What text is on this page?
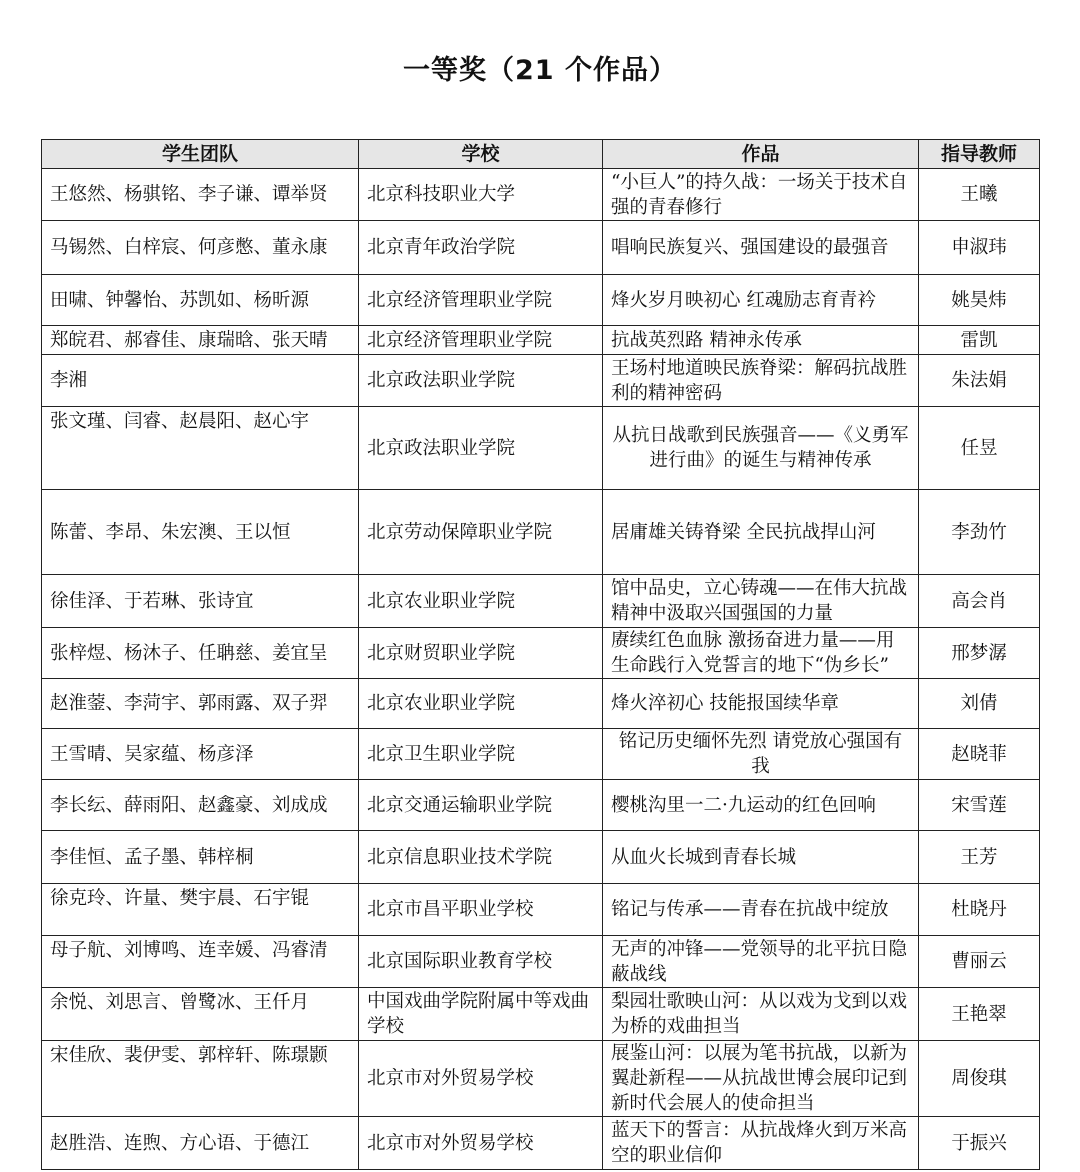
一等奖（21 个作品）
学生团队	学校	作品	指导教师
王悠然、杨骐铭、李子谦、谭举贤	北京科技职业大学	“小巨人”的持久战：一场关于技术自强的青春修行	王曦
马锡然、白梓宸、何彦憋、董永康	北京青年政治学院	唱响民族复兴、强国建设的最强音	申淑玮
田啸、钟馨怡、苏凯如、杨昕源	北京经济管理职业学院	烽火岁月映初心 红魂励志育青衿	姚昊炜
郑皖君、郝睿佳、康瑞晗、张天晴	北京经济管理职业学院	抗战英烈路 精神永传承	雷凯
李湘	北京政法职业学院	王场村地道映民族脊梁：解码抗战胜利的精神密码	朱法娟
张文瑾、闫睿、赵晨阳、赵心宇	北京政法职业学院	从抗日战歌到民族强音——《义勇军进行曲》的诞生与精神传承	任昱
陈蕾、李昂、朱宏澳、王以恒	北京劳动保障职业学院	居庸雄关铸脊梁 全民抗战捍山河	李劲竹
徐佳泽、于若琳、张诗宜	北京农业职业学院	馆中品史，立心铸魂——在伟大抗战精神中汲取兴国强国的力量	高会肖
张梓煜、杨沐子、任聃慈、姜宜呈	北京财贸职业学院	赓续红色血脉 激扬奋进力量——用生命践行入党誓言的地下“伪乡长”	邢梦潺
赵淮蓥、李菏宇、郭雨露、双子羿	北京农业职业学院	烽火淬初心 技能报国续华章	刘倩
王雪晴、吴家蕴、杨彦泽	北京卫生职业学院	铭记历史缅怀先烈 请党放心强国有我	赵晓菲
李长纭、薛雨阳、赵鑫豪、刘成成	北京交通运输职业学院	樱桃沟里一二·九运动的红色回响	宋雪莲
李佳恒、孟子墨、韩梓桐	北京信息职业技术学院	从血火长城到青春长城	王芳
徐克玲、许量、樊宇晨、石宇锟	北京市昌平职业学校	铭记与传承——青春在抗战中绽放	杜晓丹
母子航、刘博鸣、连幸媛、冯睿清	北京国际职业教育学校	无声的冲锋——党领导的北平抗日隐蔽战线	曹丽云
余悦、刘思言、曾鹭冰、王仟月	中国戏曲学院附属中等戏曲学校	梨园壮歌映山河：从以戏为戈到以戏为桥的戏曲担当	王艳翠
宋佳欣、裴伊雯、郭梓轩、陈璟颢	北京市对外贸易学校	展鉴山河：以展为笔书抗战，以新为翼赴新程——从抗战世博会展印记到新时代会展人的使命担当	周俊琪
赵胜浩、连煦、方心语、于德江	北京市对外贸易学校	蓝天下的誓言：从抗战烽火到万米高空的职业信仰	于振兴
